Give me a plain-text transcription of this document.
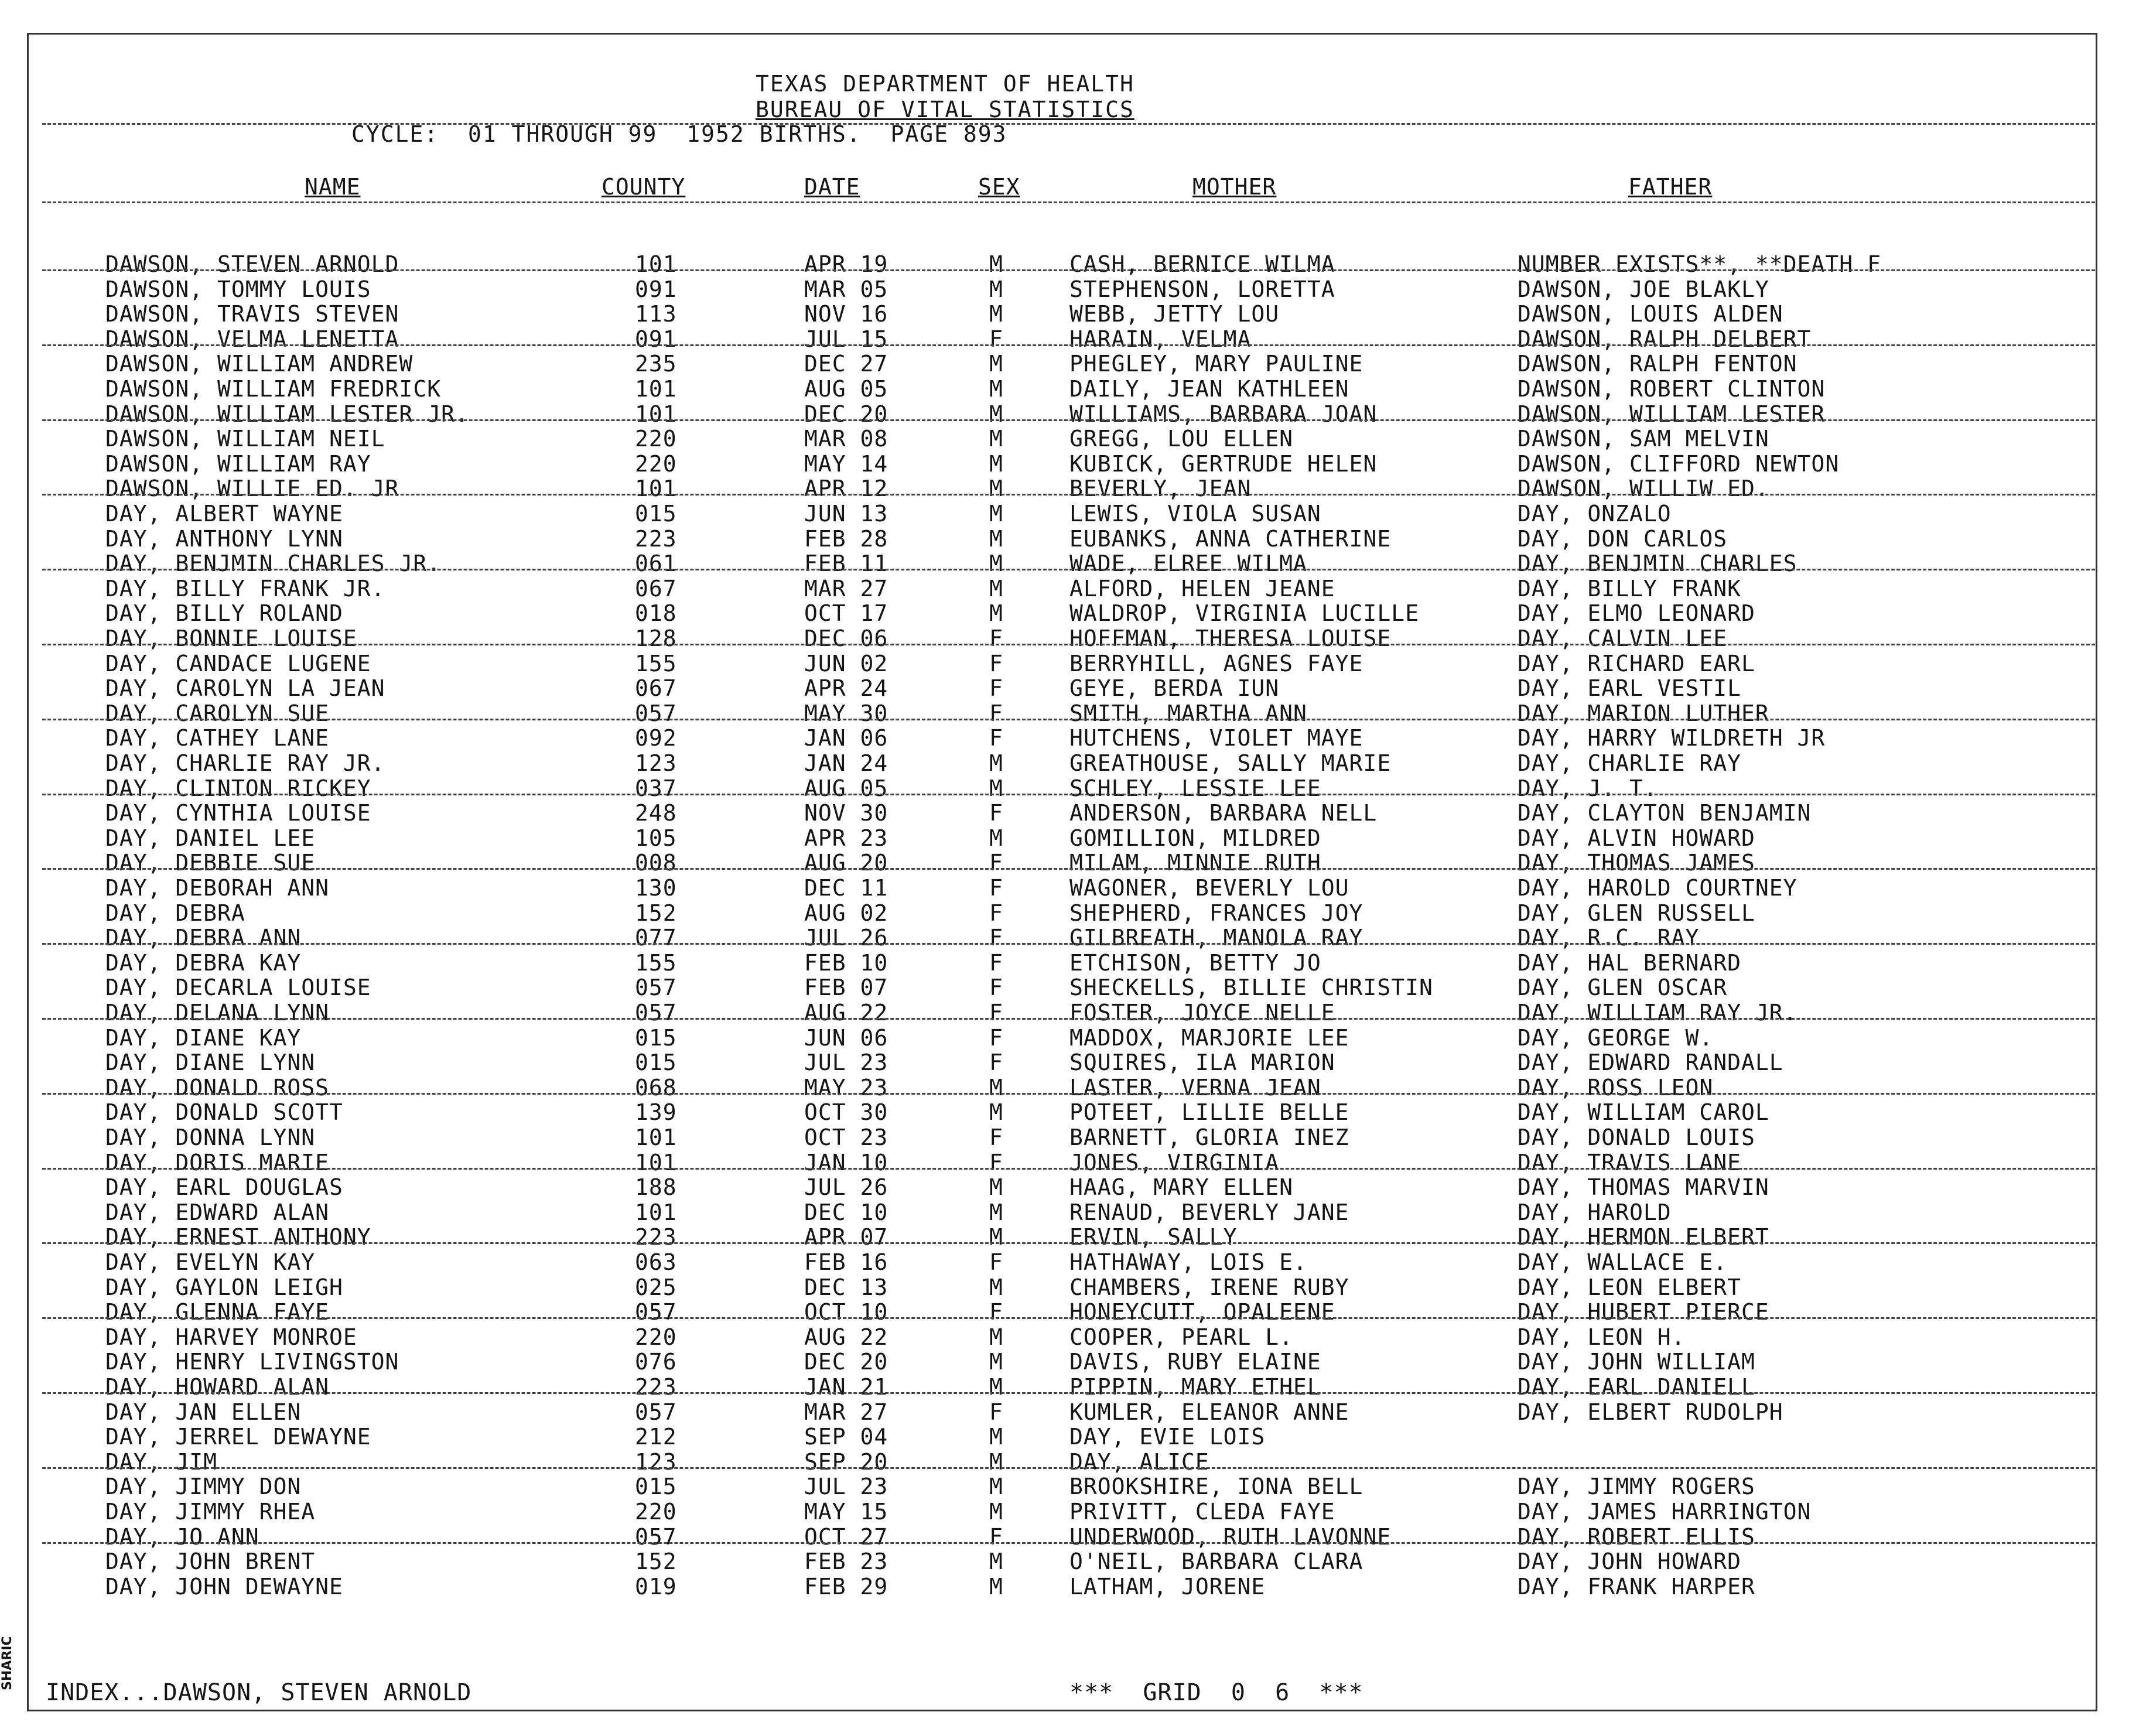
TEXAS DEPARTMENT OF HEALTH
BUREAU OF VITAL STATISTICS
CYCLE:  01 THROUGH 99  1952 BIRTHS.  PAGE 893
NAME	COUNTY	DATE	SEX	MOTHER	FATHER
DAWSON, STEVEN ARNOLD	101	APR 19	M	CASH, BERNICE WILMA	NUMBER EXISTS**, **DEATH F
DAWSON, TOMMY LOUIS	091	MAR 05	M	STEPHENSON, LORETTA	DAWSON, JOE BLAKLY
DAWSON, TRAVIS STEVEN	113	NOV 16	M	WEBB, JETTY LOU	DAWSON, LOUIS ALDEN
DAWSON, VELMA LENETTA	091	JUL 15	F	HARAIN, VELMA	DAWSON, RALPH DELBERT
DAWSON, WILLIAM ANDREW	235	DEC 27	M	PHEGLEY, MARY PAULINE	DAWSON, RALPH FENTON
DAWSON, WILLIAM FREDRICK	101	AUG 05	M	DAILY, JEAN KATHLEEN	DAWSON, ROBERT CLINTON
DAWSON, WILLIAM LESTER JR.	101	DEC 20	M	WILLIAMS, BARBARA JOAN	DAWSON, WILLIAM LESTER
DAWSON, WILLIAM NEIL	220	MAR 08	M	GREGG, LOU ELLEN	DAWSON, SAM MELVIN
DAWSON, WILLIAM RAY	220	MAY 14	M	KUBICK, GERTRUDE HELEN	DAWSON, CLIFFORD NEWTON
DAWSON, WILLIE ED. JR	101	APR 12	M	BEVERLY, JEAN	DAWSON, WILLIW ED.
DAY, ALBERT WAYNE	015	JUN 13	M	LEWIS, VIOLA SUSAN	DAY, ONZALO
DAY, ANTHONY LYNN	223	FEB 28	M	EUBANKS, ANNA CATHERINE	DAY, DON CARLOS
DAY, BENJMIN CHARLES JR.	061	FEB 11	M	WADE, ELREE WILMA	DAY, BENJMIN CHARLES
DAY, BILLY FRANK JR.	067	MAR 27	M	ALFORD, HELEN JEANE	DAY, BILLY FRANK
DAY, BILLY ROLAND	018	OCT 17	M	WALDROP, VIRGINIA LUCILLE	DAY, ELMO LEONARD
DAY, BONNIE LOUISE	128	DEC 06	F	HOFFMAN, THERESA LOUISE	DAY, CALVIN LEE
DAY, CANDACE LUGENE	155	JUN 02	F	BERRYHILL, AGNES FAYE	DAY, RICHARD EARL
DAY, CAROLYN LA JEAN	067	APR 24	F	GEYE, BERDA IUN	DAY, EARL VESTIL
DAY, CAROLYN SUE	057	MAY 30	F	SMITH, MARTHA ANN	DAY, MARION LUTHER
DAY, CATHEY LANE	092	JAN 06	F	HUTCHENS, VIOLET MAYE	DAY, HARRY WILDRETH JR
DAY, CHARLIE RAY JR.	123	JAN 24	M	GREATHOUSE, SALLY MARIE	DAY, CHARLIE RAY
DAY, CLINTON RICKEY	037	AUG 05	M	SCHLEY, LESSIE LEE	DAY, J. T.
DAY, CYNTHIA LOUISE	248	NOV 30	F	ANDERSON, BARBARA NELL	DAY, CLAYTON BENJAMIN
DAY, DANIEL LEE	105	APR 23	M	GOMILLION, MILDRED	DAY, ALVIN HOWARD
DAY, DEBBIE SUE	008	AUG 20	F	MILAM, MINNIE RUTH	DAY, THOMAS JAMES
DAY, DEBORAH ANN	130	DEC 11	F	WAGONER, BEVERLY LOU	DAY, HAROLD COURTNEY
DAY, DEBRA	152	AUG 02	F	SHEPHERD, FRANCES JOY	DAY, GLEN RUSSELL
DAY, DEBRA ANN	077	JUL 26	F	GILBREATH, MANOLA RAY	DAY, R.C. RAY
DAY, DEBRA KAY	155	FEB 10	F	ETCHISON, BETTY JO	DAY, HAL BERNARD
DAY, DECARLA LOUISE	057	FEB 07	F	SHECKELLS, BILLIE CHRISTIN	DAY, GLEN OSCAR
DAY, DELANA LYNN	057	AUG 22	F	FOSTER, JOYCE NELLE	DAY, WILLIAM RAY JR.
DAY, DIANE KAY	015	JUN 06	F	MADDOX, MARJORIE LEE	DAY, GEORGE W.
DAY, DIANE LYNN	015	JUL 23	F	SQUIRES, ILA MARION	DAY, EDWARD RANDALL
DAY, DONALD ROSS	068	MAY 23	M	LASTER, VERNA JEAN	DAY, ROSS LEON
DAY, DONALD SCOTT	139	OCT 30	M	POTEET, LILLIE BELLE	DAY, WILLIAM CAROL
DAY, DONNA LYNN	101	OCT 23	F	BARNETT, GLORIA INEZ	DAY, DONALD LOUIS
DAY, DORIS MARIE	101	JAN 10	F	JONES, VIRGINIA	DAY, TRAVIS LANE
DAY, EARL DOUGLAS	188	JUL 26	M	HAAG, MARY ELLEN	DAY, THOMAS MARVIN
DAY, EDWARD ALAN	101	DEC 10	M	RENAUD, BEVERLY JANE	DAY, HAROLD
DAY, ERNEST ANTHONY	223	APR 07	M	ERVIN, SALLY	DAY, HERMON ELBERT
DAY, EVELYN KAY	063	FEB 16	F	HATHAWAY, LOIS E.	DAY, WALLACE E.
DAY, GAYLON LEIGH	025	DEC 13	M	CHAMBERS, IRENE RUBY	DAY, LEON ELBERT
DAY, GLENNA FAYE	057	OCT 10	F	HONEYCUTT, OPALEENE	DAY, HUBERT PIERCE
DAY, HARVEY MONROE	220	AUG 22	M	COOPER, PEARL L.	DAY, LEON H.
DAY, HENRY LIVINGSTON	076	DEC 20	M	DAVIS, RUBY ELAINE	DAY, JOHN WILLIAM
DAY, HOWARD ALAN	223	JAN 21	M	PIPPIN, MARY ETHEL	DAY, EARL DANIELL
DAY, JAN ELLEN	057	MAR 27	F	KUMLER, ELEANOR ANNE	DAY, ELBERT RUDOLPH
DAY, JERREL DEWAYNE	212	SEP 04	M	DAY, EVIE LOIS
DAY, JIM	123	SEP 20	M	DAY, ALICE
DAY, JIMMY DON	015	JUL 23	M	BROOKSHIRE, IONA BELL	DAY, JIMMY ROGERS
DAY, JIMMY RHEA	220	MAY 15	M	PRIVITT, CLEDA FAYE	DAY, JAMES HARRINGTON
DAY, JO ANN	057	OCT 27	F	UNDERWOOD, RUTH LAVONNE	DAY, ROBERT ELLIS
DAY, JOHN BRENT	152	FEB 23	M	O'NEIL, BARBARA CLARA	DAY, JOHN HOWARD
DAY, JOHN DEWAYNE	019	FEB 29	M	LATHAM, JORENE	DAY, FRANK HARPER
INDEX...DAWSON, STEVEN ARNOLD	***  GRID  0  6  ***
SHARIC
